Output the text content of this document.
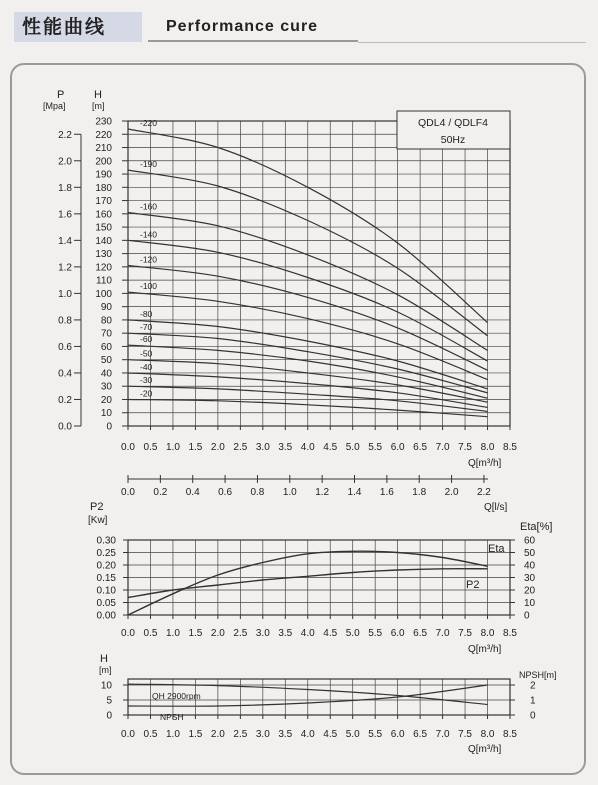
性能曲线	Performance cure
0
10
20
30
40
50
60
70
80
90
100
110
120
130
140
150
160
170
180
190
200
210
220
230
0.0
0.2
0.4
0.6
0.8
1.0
1.2
1.4
1.6
1.8
2.0
2.2
P
[Mpa]
H
[m]
QDL4 / QDLF4
50Hz
-220
-190
-160
-140
-120
-100
-80
-70
-60
-50
-40
-30
-20
0.0 0.5 1.0 1.5 2.0 2.5 3.0 3.5 4.0 4.5 5.0 5.5 6.0 6.5 7.0 7.5 8.0 8.5
Q[m³/h]
0.0 0.2 0.4 0.6 0.8 1.0 1.2 1.4 1.6 1.8 2.0 2.2
Q[l/s]
0.00
0.05
0.10
0.15
0.20
0.25
0.30
0
10
20
30
40
50
60
P2
[Kw]
Eta[%]
Eta
P2
0.0 0.5 1.0 1.5 2.0 2.5 3.0 3.5 4.0 4.5 5.0 5.5 6.0 6.5 7.0 7.5 8.0 8.5
Q[m³/h]
0
5
10
0
1
2
H
[m]	NPSH[m]
QH 2900rpm
NPSH
0.0 0.5 1.0 1.5 2.0 2.5 3.0 3.5 4.0 4.5 5.0 5.5 6.0 6.5 7.0 7.5 8.0 8.5
Q[m³/h]
